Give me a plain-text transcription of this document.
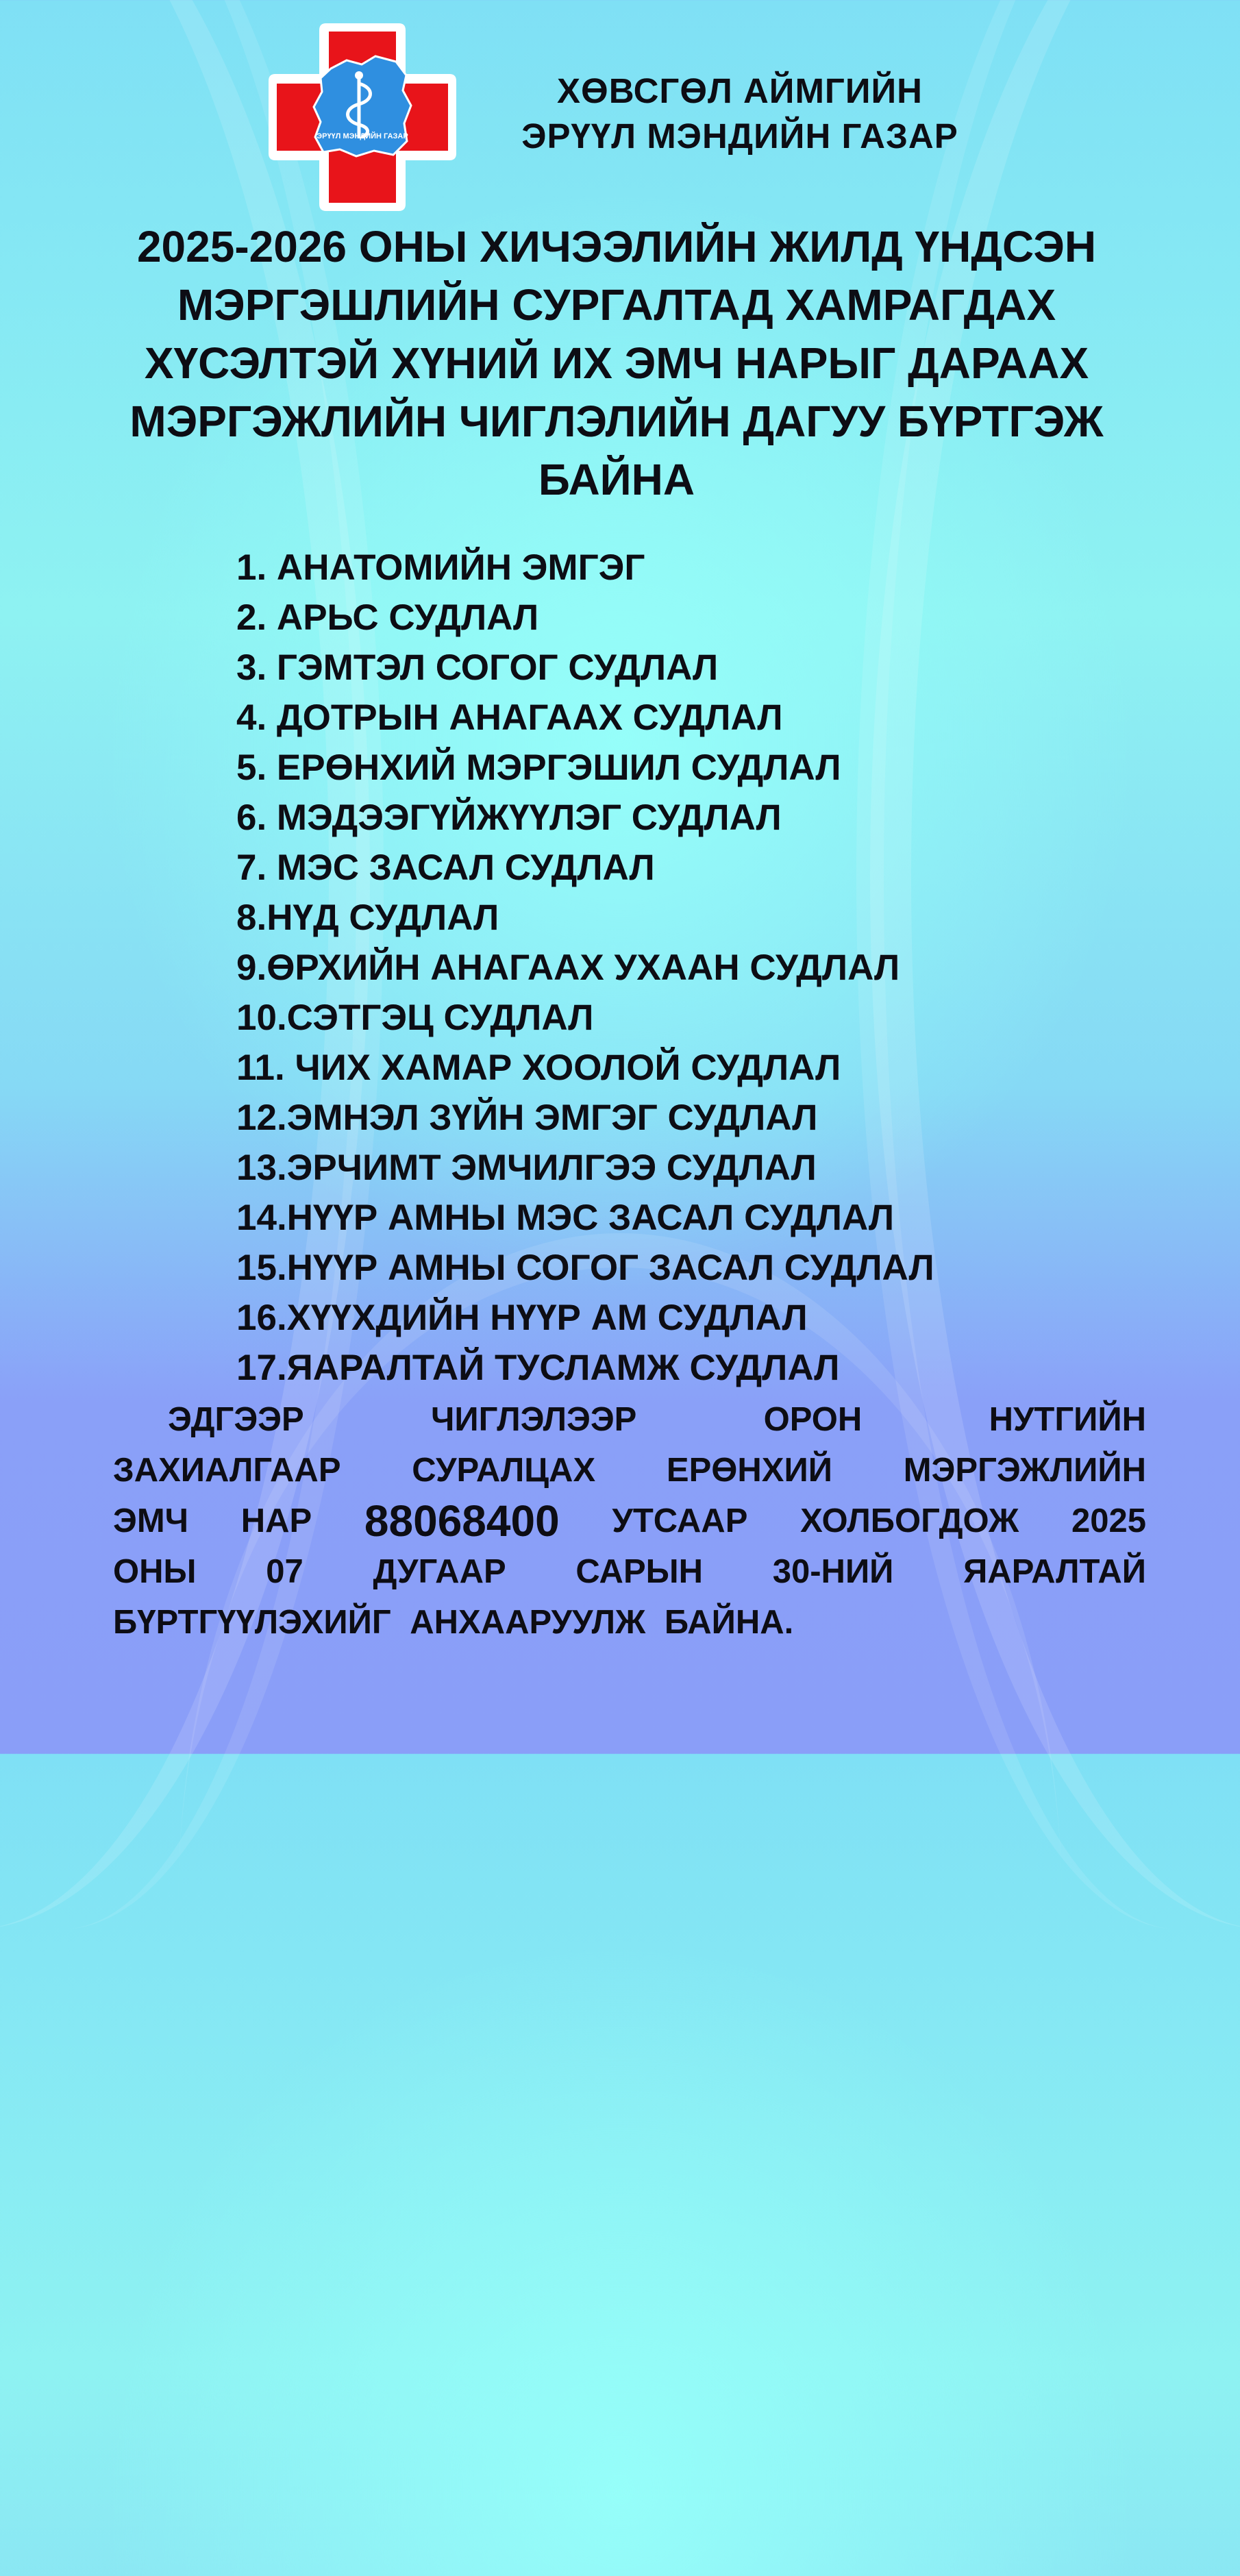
ЭРҮҮЛ МЭНДИЙН ГАЗАР
ХӨВСГӨЛ АЙМГИЙН
ЭРҮҮЛ МЭНДИЙН ГАЗАР
2025-2026 ОНЫ ХИЧЭЭЛИЙН ЖИЛД ҮНДСЭН
МЭРГЭШЛИЙН СУРГАЛТАД ХАМРАГДАХ
ХҮСЭЛТЭЙ ХҮНИЙ ИХ ЭМЧ НАРЫГ ДАРААХ
МЭРГЭЖЛИЙН ЧИГЛЭЛИЙН ДАГУУ БҮРТГЭЖ
БАЙНА
1. АНАТОМИЙН ЭМГЭГ
2. АРЬС СУДЛАЛ
3. ГЭМТЭЛ СОГОГ СУДЛАЛ
4. ДОТРЫН АНАГААХ СУДЛАЛ
5. ЕРӨНХИЙ МЭРГЭШИЛ СУДЛАЛ
6. МЭДЭЭГҮЙЖҮҮЛЭГ СУДЛАЛ
7. МЭС ЗАСАЛ СУДЛАЛ
8.НҮД СУДЛАЛ
9.ӨРХИЙН АНАГААХ УХААН СУДЛАЛ
10.СЭТГЭЦ СУДЛАЛ
11. ЧИХ ХАМАР ХООЛОЙ СУДЛАЛ
12.ЭМНЭЛ ЗҮЙН ЭМГЭГ СУДЛАЛ
13.ЭРЧИМТ ЭМЧИЛГЭЭ СУДЛАЛ
14.НҮҮР АМНЫ МЭС ЗАСАЛ СУДЛАЛ
15.НҮҮР АМНЫ СОГОГ ЗАСАЛ СУДЛАЛ
16.ХҮҮХДИЙН НҮҮР АМ СУДЛАЛ
17.ЯАРАЛТАЙ ТУСЛАМЖ СУДЛАЛ
ЭДГЭЭР	ЧИГЛЭЛЭЭР	ОРОН	НУТГИЙН
ЗАХИАЛГААР СУРАЛЦАХ ЕРӨНХИЙ МЭРГЭЖЛИЙН
ЭМЧ НАР 88068400 УТСААР ХОЛБОГДОЖ 2025
ОНЫ 07 ДУГААР САРЫН 30-НИЙ ЯАРАЛТАЙ
БҮРТГҮҮЛЭХИЙГ АНХААРУУЛЖ БАЙНА.
